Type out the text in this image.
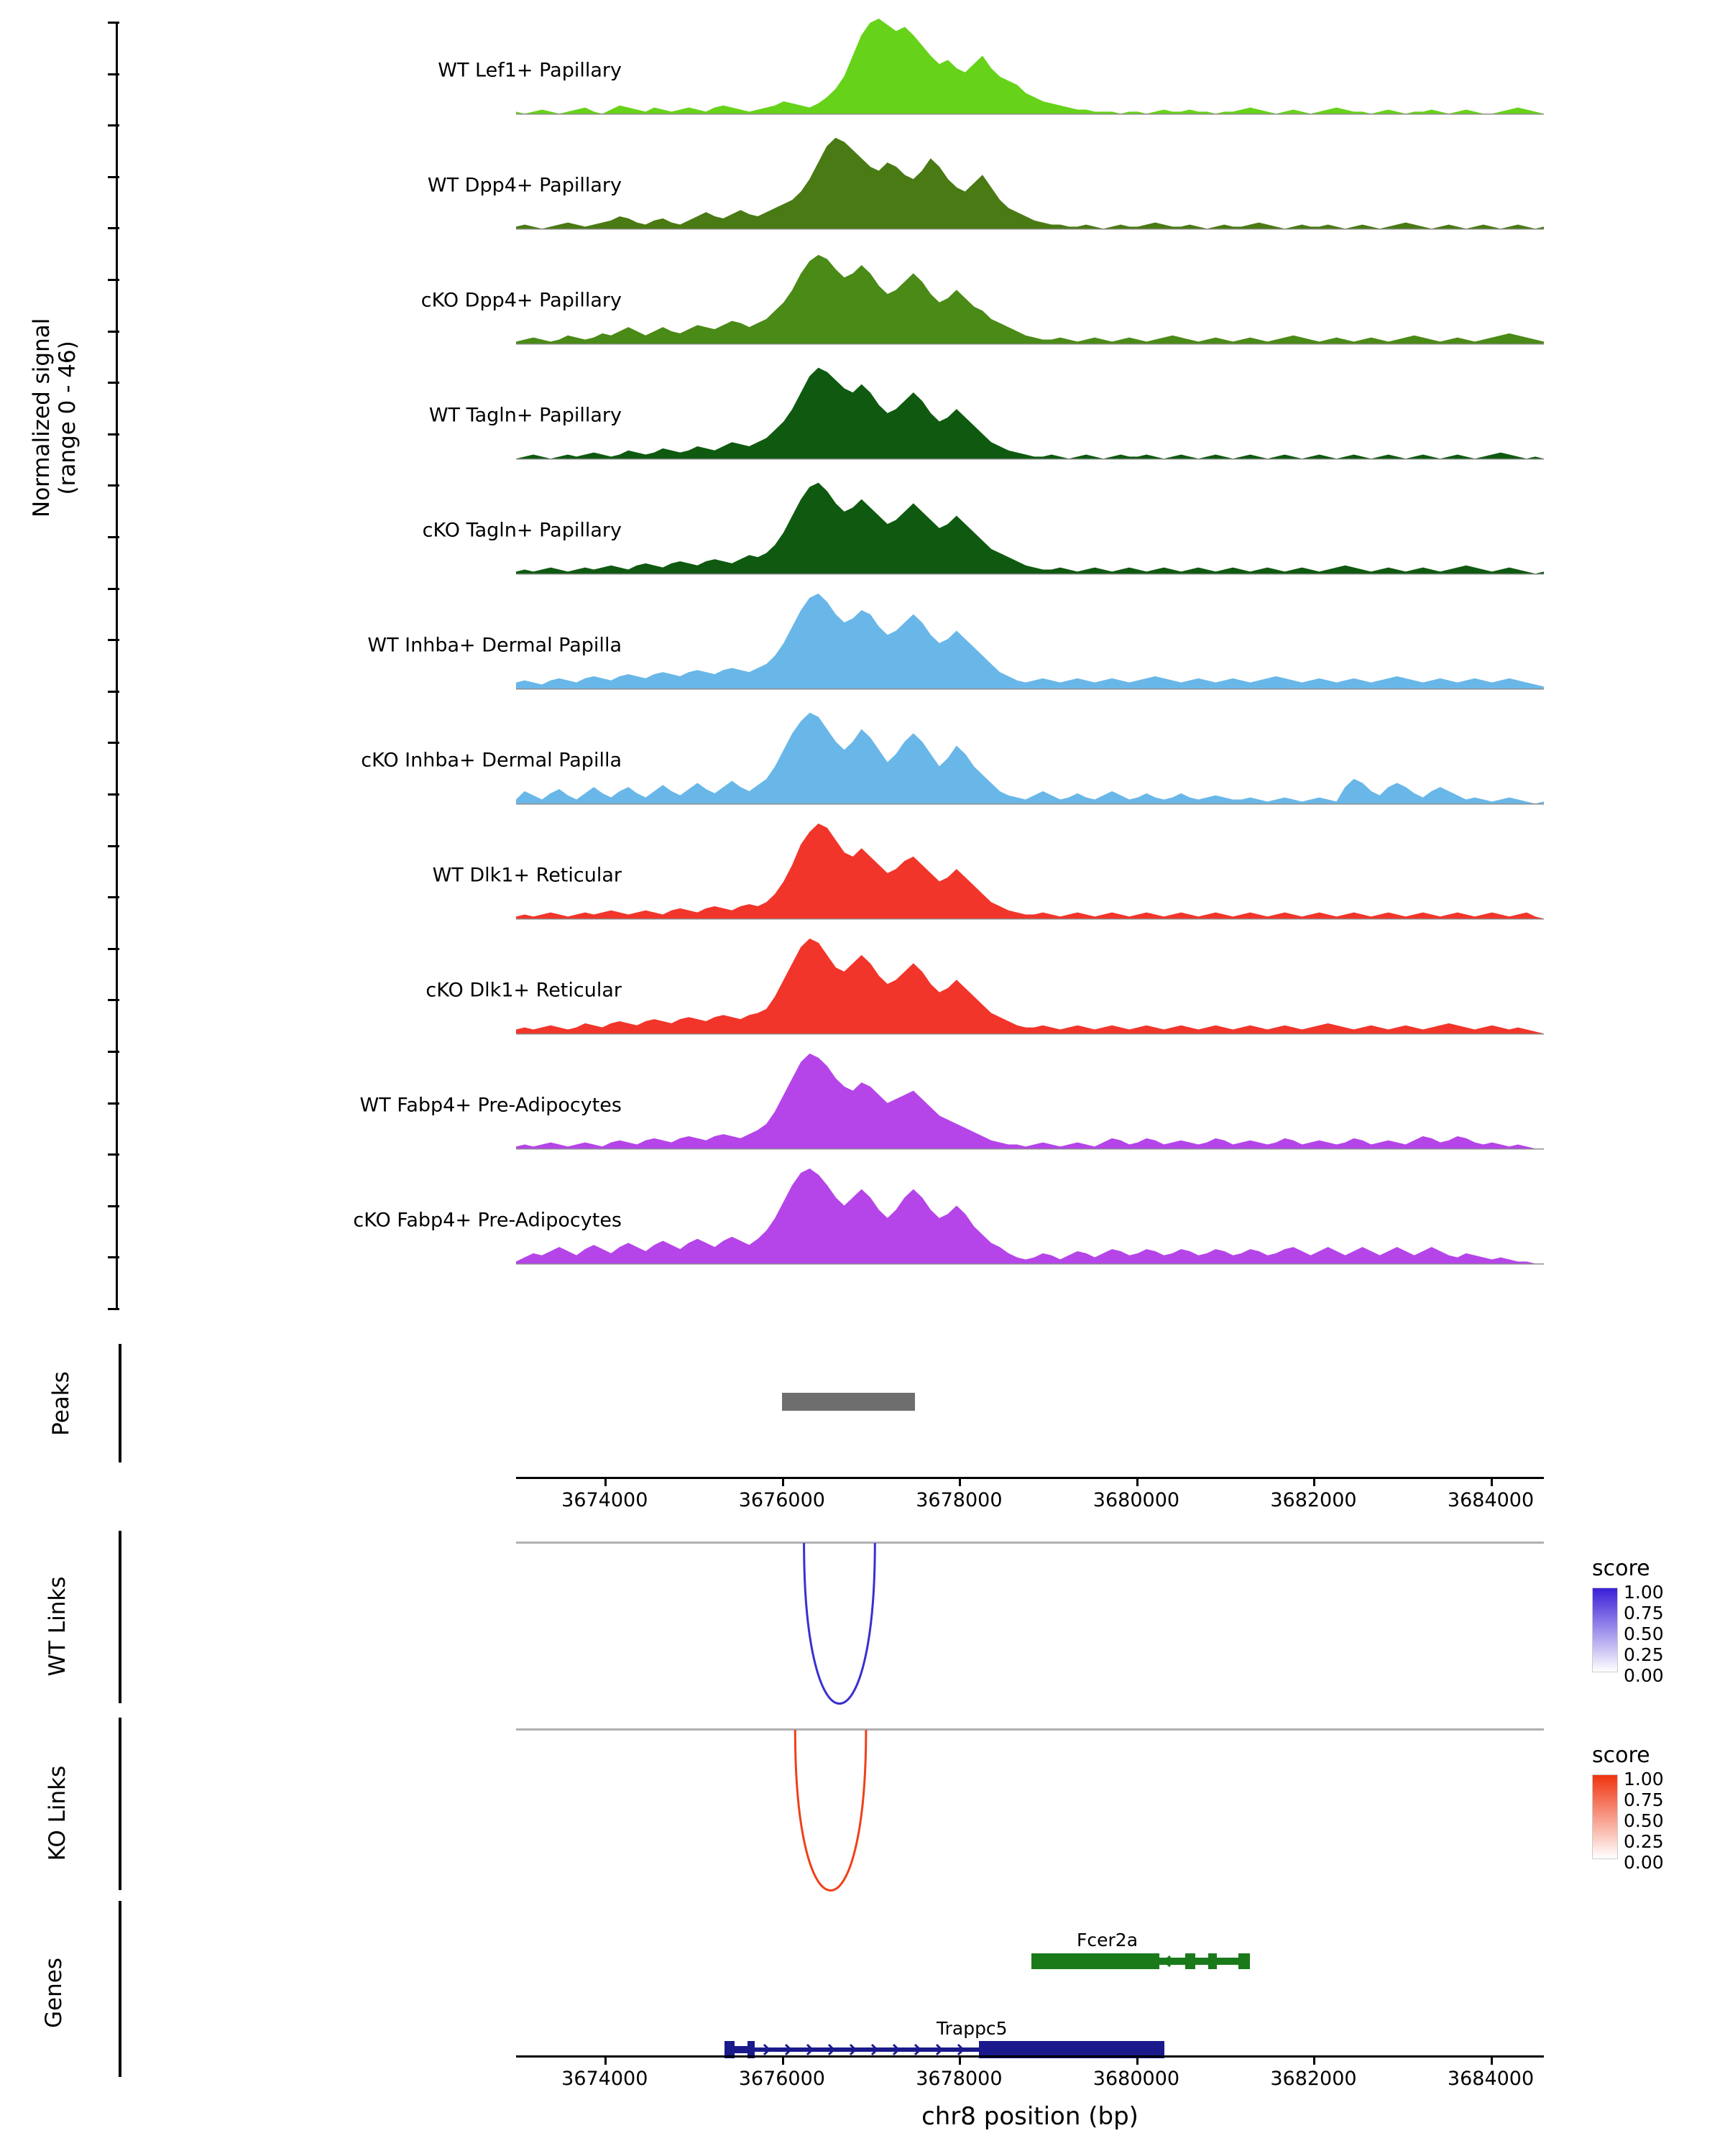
Normalized signal (range 0 - 46)
WT Lef1+ Papillary
WT Dpp4+ Papillary
cKO Dpp4+ Papillary
WT Tagln+ Papillary
cKO Tagln+ Papillary
WT Inhba+ Dermal Papilla
cKO Inhba+ Dermal Papilla
WT Dlk1+ Reticular
cKO Dlk1+ Reticular
WT Fabp4+ Pre-Adipocytes
cKO Fabp4+ Pre-Adipocytes
Peaks
3674000	3676000	3678000	3680000	3682000	3684000
WT Links
score
1.00
0.75
0.50
0.25
0.00
KO Links
score
1.00
0.75
0.50
0.25
0.00
Genes
Fcer2a
Trappc5
3674000	3676000	3678000	3680000	3682000	3684000
chr8 position (bp)
